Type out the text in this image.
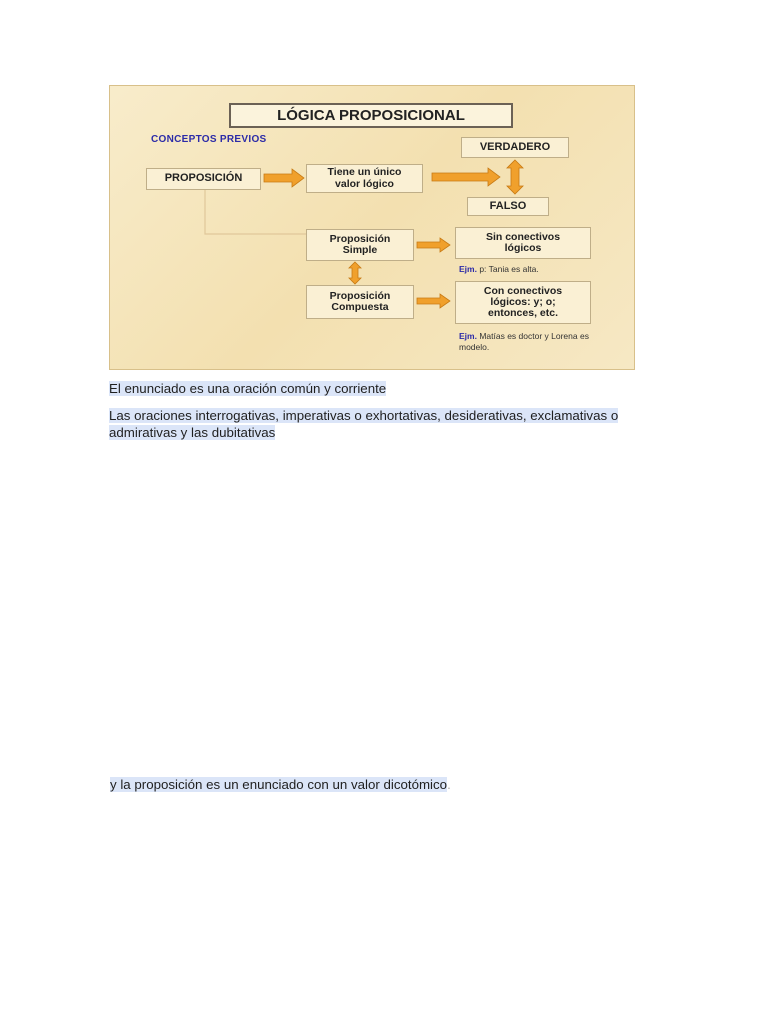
LÓGICA PROPOSICIONAL
CONCEPTOS PREVIOS
PROPOSICIÓN	Tiene un único
valor lógico
VERDADERO
FALSO
Proposición
Simple
Proposición
Compuesta
Sin conectivos
lógicos
Ejm. p: Tania es alta.
Con conectivos
lógicos: y; o;
entonces, etc.
Ejm. Matías es doctor y Lorena es modelo.
El enunciado es una oración común y corriente
Las oraciones interrogativas, imperativas o exhortativas, desiderativas, exclamativas o admirativas y las dubitativas
y la proposición es un enunciado con un valor dicotómico.
